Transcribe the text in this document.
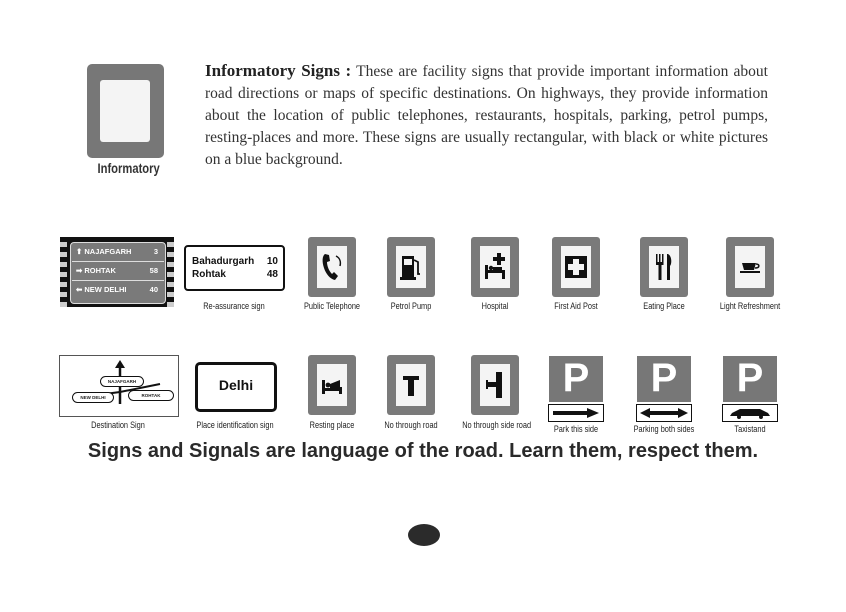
Informatory
Informatory Signs : These are facility signs that provide important information about road directions or maps of specific destinations. On highways, they provide information about the location of public telephones, restaurants, hospitals, parking, petrol pumps, resting-places and more. These signs are usually rectangular, with black or white pictures on a blue background.
⬆ NAJAFGARH	3
➡ ROHTAK	58
⬅ NEW DELHI	40
Bahadurgarh 10
Rohtak	48
Re-assurance sign	Public Telephone	Petrol Pump	Hospital	First Aid Post	Eating Place	Light Refreshment
NAJAFGARH
NEW DELHI	ROHTAK
Destination Sign
Delhi
Place identification sign	Resting place	No through road	No through side road
P
Park this side
P
Parking both sides
P
Taxistand
Signs and Signals are language of the road. Learn them, respect them.
